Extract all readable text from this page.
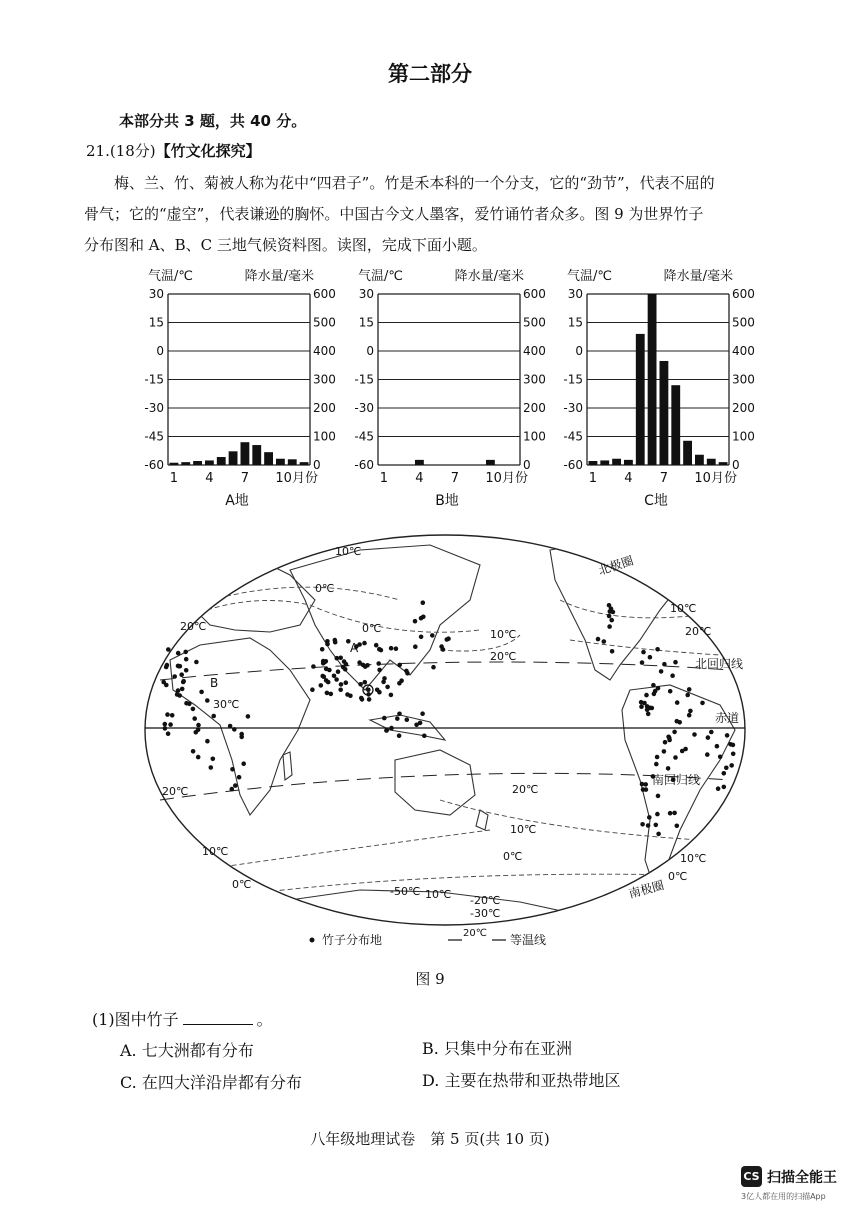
第二部分
本部分共 3 题，共 40 分。
21.(18分)【竹文化探究】

梅、兰、竹、菊被人称为花中“四君子”。竹是禾本科的一个分支，它的“劲节”，代表不屈的

骨气；它的“虚空”，代表谦逊的胸怀。中国古今文人墨客，爱竹诵竹者众多。图 9 为世界竹子

分布图和 A、B、C 三地气候资料图。读图，完成下面小题。

30	600
15	500
0	400
-15	300
-30	200
-45	100
-60	0
气温/℃	降水量/毫米
1 4 7 10月份
A地
30	600
15	500
0	400
-15	300
-30	200
-45	100
-60	0
气温/℃	降水量/毫米
1 4 7 10月份
B地
30	600
15	500
0	400
-15	300
-30	200
-45	100
-60	0
气温/℃	降水量/毫米
1 4 7 10月份
C地
A
B
赤道
北回归线
南回归线
北极圈
南极圈
10℃
0℃
20℃	0℃	10℃
20℃
20℃
30℃
10℃
20℃	20℃
10℃
0℃
10℃
0℃
10℃
0℃
-50℃ 10℃ -20℃
-30℃
竹子分布地	20℃ 等温线
图 9
(1)图中竹子	。
A. 七大洲都有分布	B. 只集中分布在亚洲
C. 在四大洋沿岸都有分布	D. 主要在热带和亚热带地区
八年级地理试卷　第 5 页(共 10 页)
CS 扫描全能王
3亿人都在用的扫描App
